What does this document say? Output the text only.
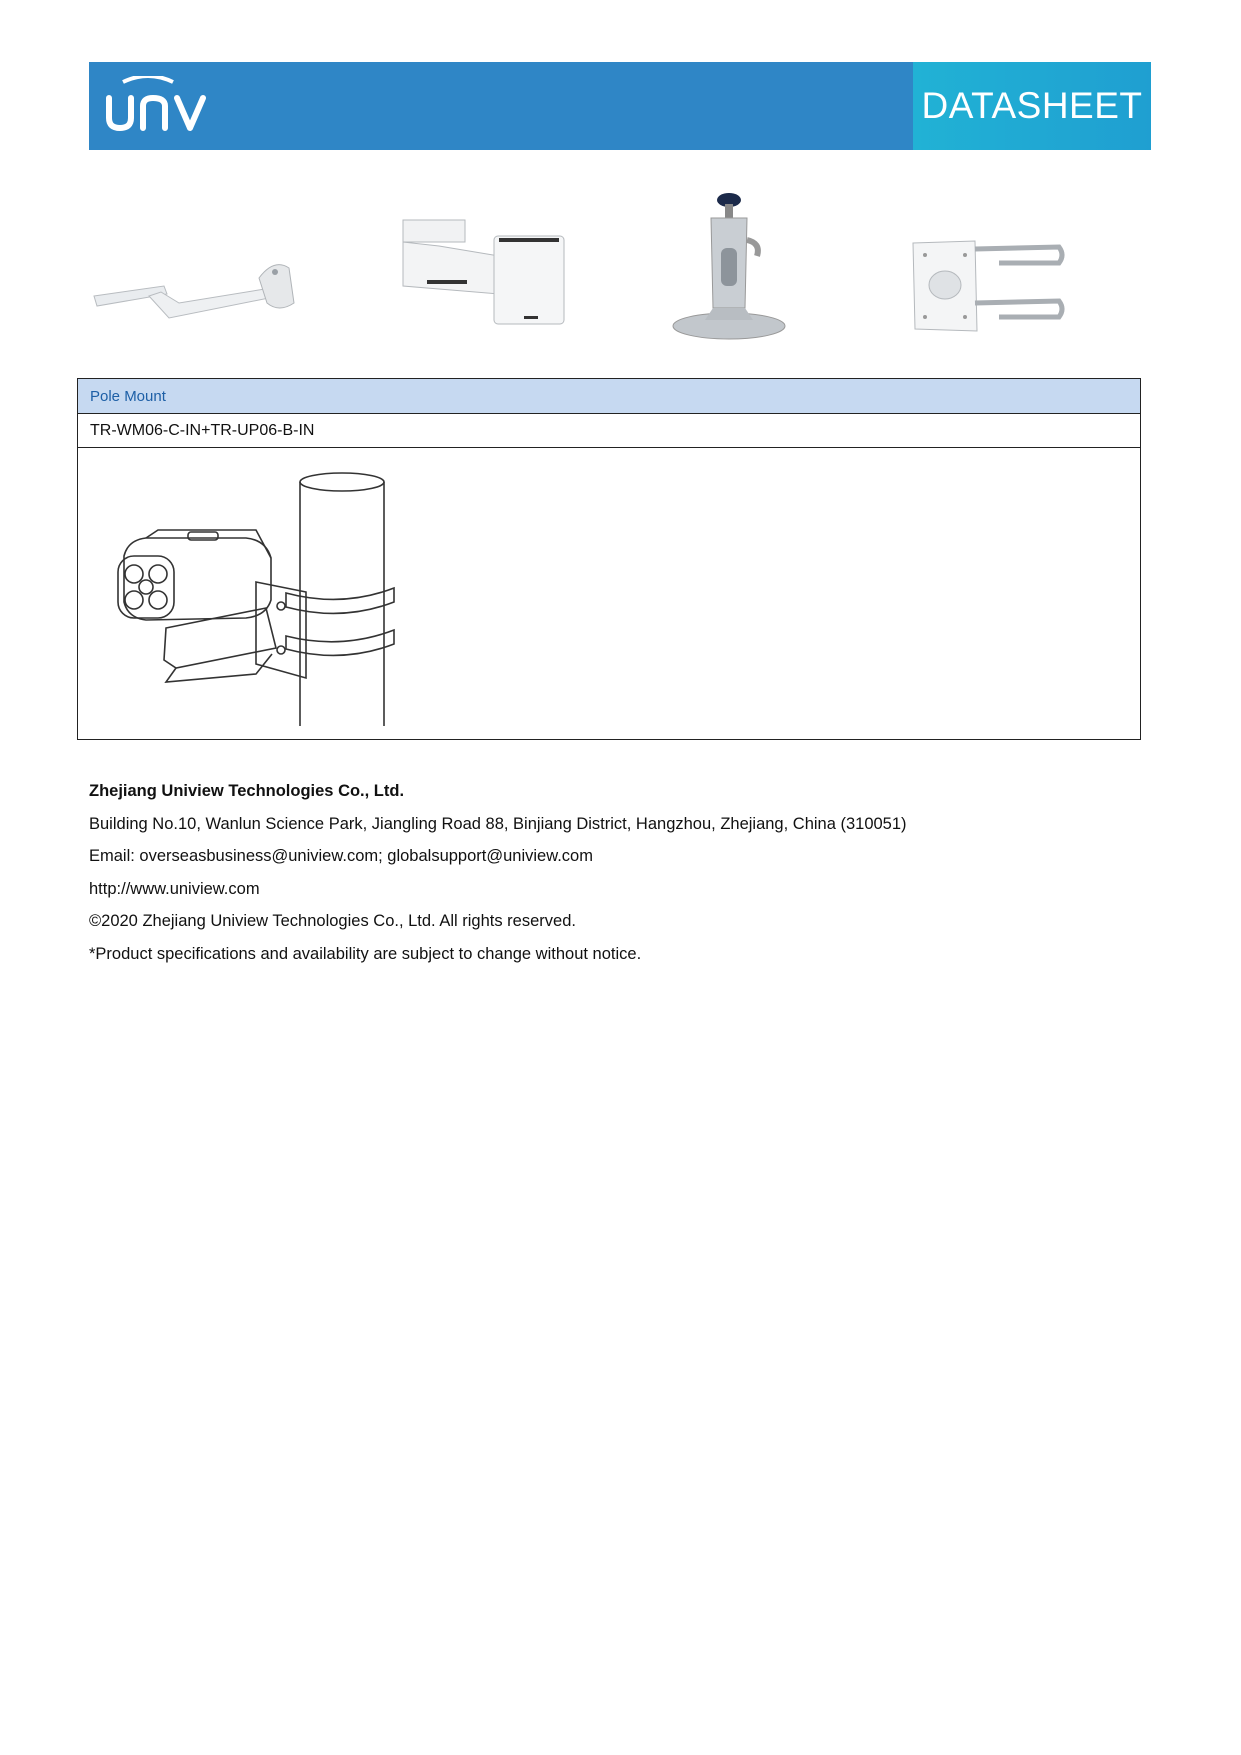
DATASHEET
Pole Mount
TR-WM06-C-IN+TR-UP06-B-IN

Zhejiang Uniview Technologies Co., Ltd.

Building No.10, Wanlun Science Park, Jiangling Road 88, Binjiang District, Hangzhou, Zhejiang, China (310051)

Email: overseasbusiness@uniview.com; globalsupport@uniview.com

http://www.uniview.com

©2020 Zhejiang Uniview Technologies Co., Ltd. All rights reserved.

*Product specifications and availability are subject to change without notice.
